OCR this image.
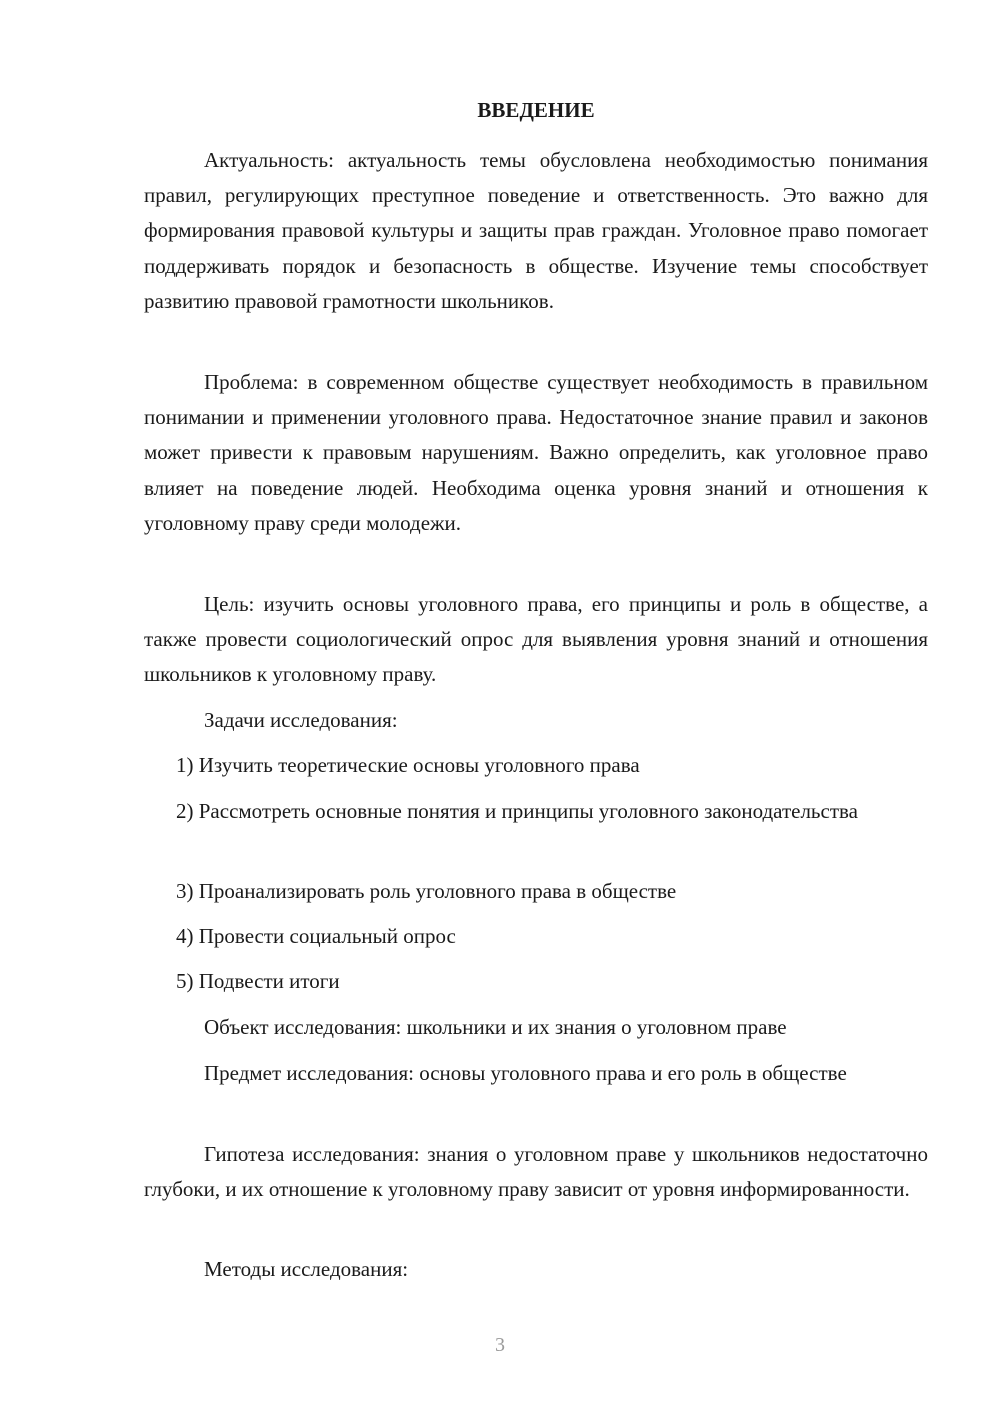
ВВЕДЕНИЕ

Актуальность: актуальность темы обусловлена необходимостью понимания правил, регулирующих преступное поведение и ответственность. Это важно для формирования правовой культуры и защиты прав граждан. Уголовное право помогает поддерживать порядок и безопасность в обществе. Изучение темы способствует развитию правовой грамотности школьников.

Проблема: в современном обществе существует необходимость в правильном понимании и применении уголовного права. Недостаточное знание правил и законов может привести к правовым нарушениям. Важно определить, как уголовное право влияет на поведение людей. Необходима оценка уровня знаний и отношения к уголовному праву среди молодежи.

Цель: изучить основы уголовного права, его принципы и роль в обществе, а также провести социологический опрос для выявления уровня знаний и отношения школьников к уголовному праву.

Задачи исследования:

1) Изучить теоретические основы уголовного права

2) Рассмотреть основные понятия и принципы уголовного законодательства

3) Проанализировать роль уголовного права в обществе

4) Провести социальный опрос

5) Подвести итоги

Объект исследования: школьники и их знания о уголовном праве

Предмет исследования: основы уголовного права и его роль в обществе

Гипотеза исследования: знания о уголовном праве у школьников недостаточно глубоки, и их отношение к уголовному праву зависит от уровня информированности.

Методы исследования:

3
